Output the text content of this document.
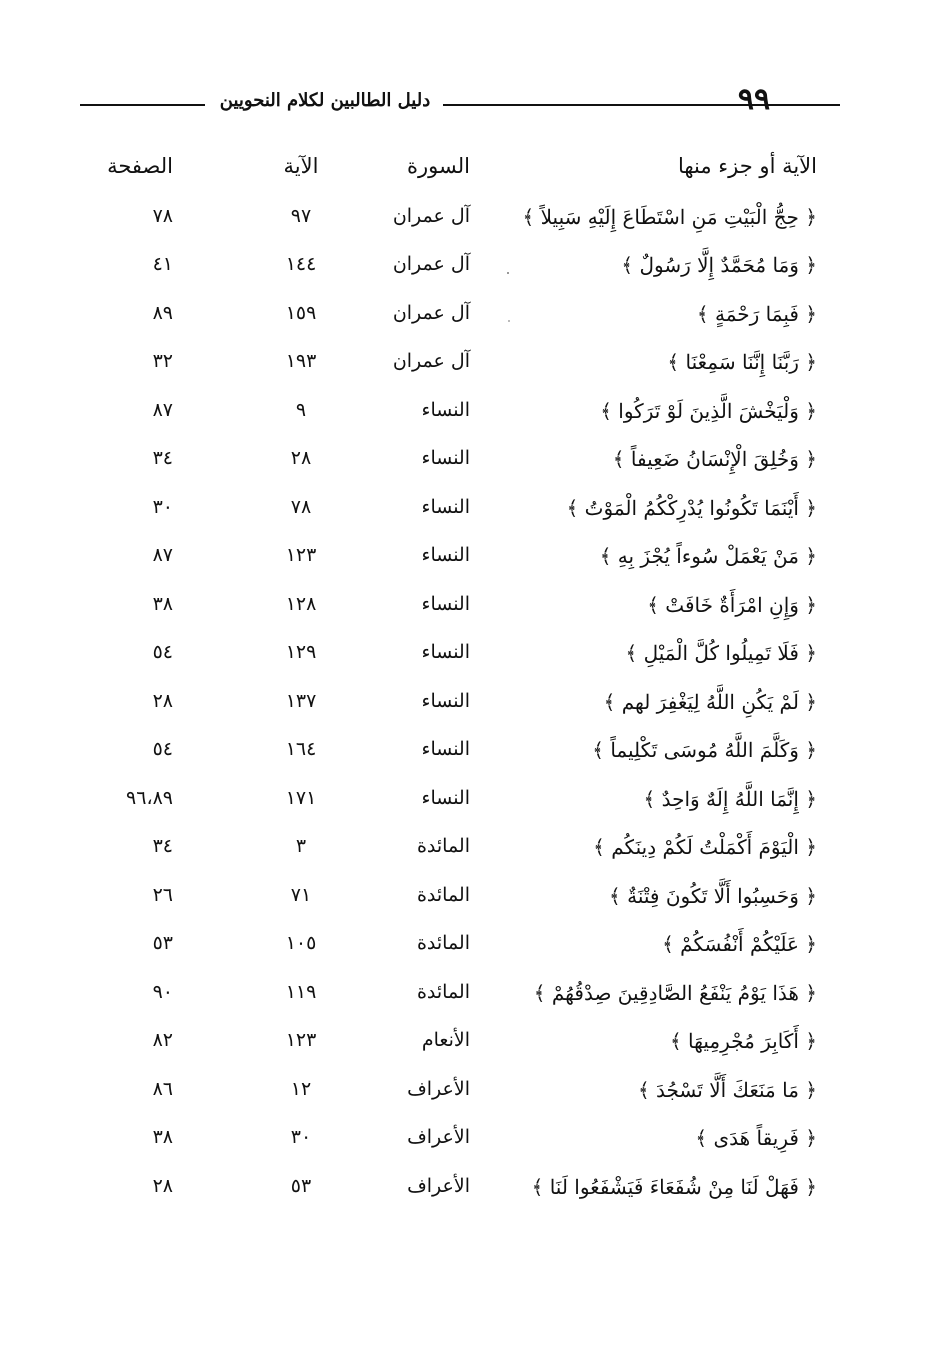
دليل الطالبين لكلام النحويين	٩٩
الآية أو جزء منها
السورة
الآية
الصفحة
﴿ حِجُّ الْبَيْتِ مَنِ اسْتَطَاعَ إِلَيْهِ سَبِيلاً ﴾
آل عمران
٩٧
٧٨
﴿ وَمَا مُحَمَّدٌ إِلَّا رَسُولٌ ﴾
آل عمران
١٤٤
٤١
﴿ فَبِمَا رَحْمَةٍ ﴾
آل عمران
١٥٩
٨٩
﴿ رَبَّنَا إِنَّنَا سَمِعْنَا ﴾
آل عمران
١٩٣
٣٢
﴿ وَلْيَخْشَ الَّذِينَ لَوْ تَرَكُوا ﴾
النساء
٩
٨٧
﴿ وَخُلِقَ الْإِنْسَانُ ضَعِيفاً ﴾
النساء
٢٨
٣٤
﴿ أَيْنَمَا تَكُونُوا يُدْرِكْكُمُ الْمَوْتُ ﴾
النساء
٧٨
٣٠
﴿ مَنْ يَعْمَلْ سُوءاً يُجْزَ بِهِ ﴾
النساء
١٢٣
٨٧
﴿ وَإِنِ امْرَأَةٌ خَافَتْ ﴾
النساء
١٢٨
٣٨
﴿ فَلَا تَمِيلُوا كُلَّ الْمَيْلِ ﴾
النساء
١٢٩
٥٤
﴿ لَمْ يَكُنِ اللَّهُ لِيَغْفِرَ لهم ﴾
النساء
١٣٧
٢٨
﴿ وَكَلَّمَ اللَّهُ مُوسَى تَكْلِيماً ﴾
النساء
١٦٤
٥٤
﴿ إِنَّمَا اللَّهُ إِلَهٌ وَاحِدٌ ﴾
النساء
١٧١
٩٦،٨٩
﴿ الْيَوْمَ أَكْمَلْتُ لَكُمْ دِينَكُم ﴾
المائدة
٣
٣٤
﴿ وَحَسِبُوا أَلَّا تَكُونَ فِتْنَةٌ ﴾
المائدة
٧١
٢٦
﴿ عَلَيْكُمْ أَنْفُسَكُمْ ﴾
المائدة
١٠٥
٥٣
﴿ هَذَا يَوْمُ يَنْفَعُ الصَّادِقِينَ صِدْقُهُمْ ﴾
المائدة
١١٩
٩٠
﴿ أَكَابِرَ مُجْرِمِيهَا ﴾
الأنعام
١٢٣
٨٢
﴿ مَا مَنَعَكَ أَلَّا تَسْجُدَ ﴾
الأعراف
١٢
٨٦
﴿ فَرِيقاً هَدَى ﴾
الأعراف
٣٠
٣٨
﴿ فَهَلْ لَنَا مِنْ شُفَعَاءَ فَيَشْفَعُوا لَنَا ﴾
الأعراف
٥٣
٢٨
